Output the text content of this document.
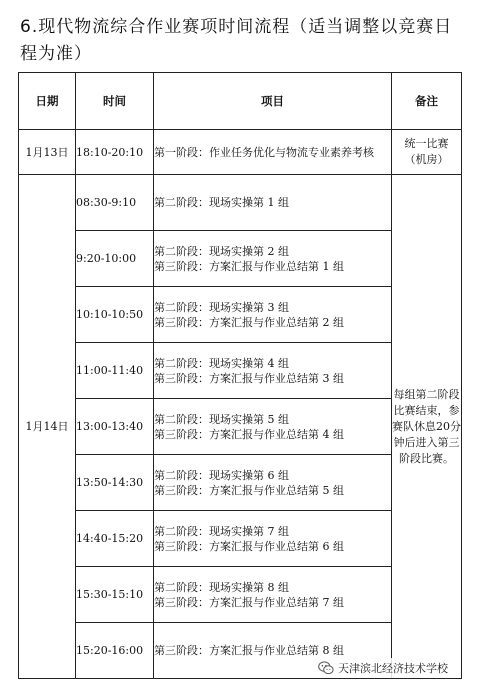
6.现代物流综合作业赛项时间流程（适当调整以竞赛日程为准）
日期	时间	项目	备注
1月13日	18:10-20:10	第一阶段：作业任务优化与物流专业素养考核	统一比赛
（机房）

1月14日	08:30-9:10	第二阶段：现场实操第 1 组	每组第二阶段比赛结束，参赛队休息20分钟后进入第三阶段比赛。

	9:20-10:00	第二阶段：现场实操第 2 组
第三阶段：方案汇报与作业总结第 1 组	

	10:10-10:50	第二阶段：现场实操第 3 组
第三阶段：方案汇报与作业总结第 2 组	

	11:00-11:40	第二阶段：现场实操第 4 组
第三阶段：方案汇报与作业总结第 3 组	

	13:00-13:40	第二阶段：现场实操第 5 组
第三阶段：方案汇报与作业总结第 4 组	

	13:50-14:30	第二阶段：现场实操第 6 组
第三阶段：方案汇报与作业总结第 5 组	

	14:40-15:20	第二阶段：现场实操第 7 组
第三阶段：方案汇报与作业总结第 6 组	

	15:30-15:10	第二阶段：现场实操第 8 组
第三阶段：方案汇报与作业总结第 7 组	

	15:20-16:00	第三阶段：方案汇报与作业总结第 8 组	
天津滨北经济技术学校
